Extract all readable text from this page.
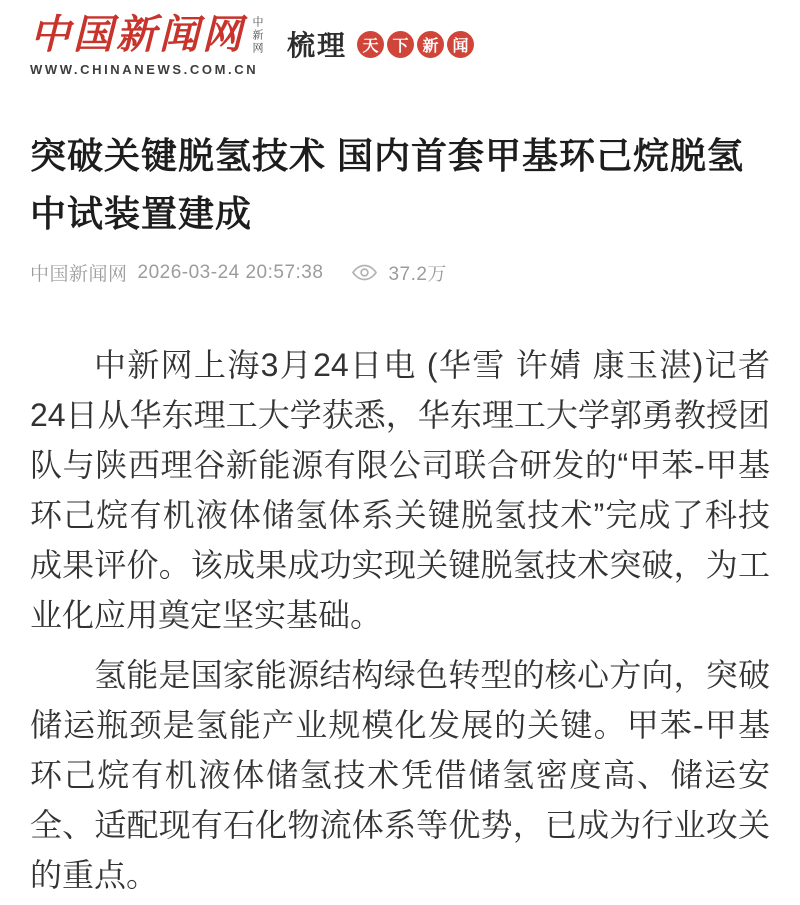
中国新闻网 中新网
WWW.CHINANEWS.COM.CN
梳理 天 下 新 闻
突破关键脱氢技术 国内首套甲基环己烷脱氢中试装置建成
中国新闻网 2026-03-24 20:57:38	37.2万

中新网上海3月24日电 (华雪 许婧 康玉湛)记者24日从华东理工大学获悉，华东理工大学郭勇教授团队与陕西理谷新能源有限公司联合研发的“甲苯-甲基环己烷有机液体储氢体系关键脱氢技术”完成了科技成果评价。该成果成功实现关键脱氢技术突破，为工业化应用奠定坚实基础。

氢能是国家能源结构绿色转型的核心方向，突破储运瓶颈是氢能产业规模化发展的关键。甲苯-甲基环己烷有机液体储氢技术凭借储氢密度高、储运安全、适配现有石化物流体系等优势，已成为行业攻关的重点。
